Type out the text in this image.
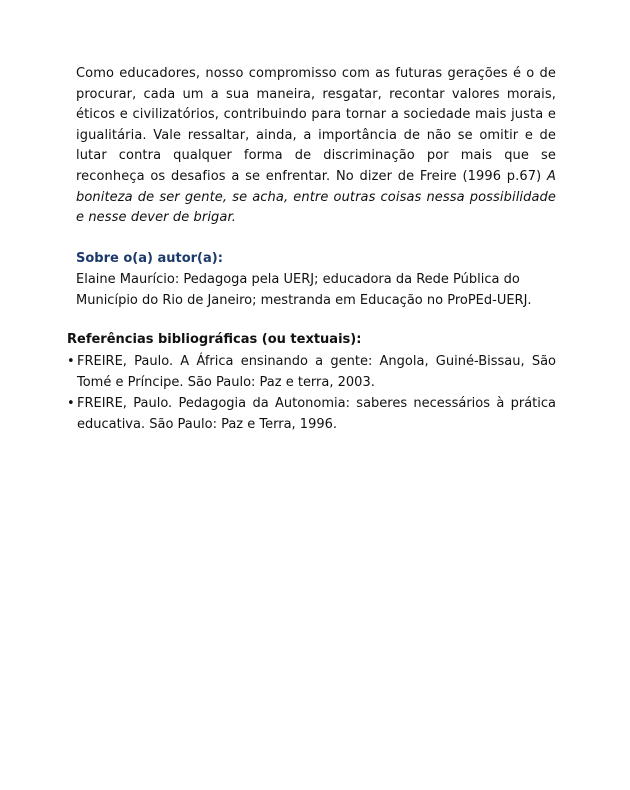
Como educadores, nosso compromisso com as futuras gerações é o de procurar, cada um a sua maneira, resgatar, recontar valores morais, éticos e civilizatórios, contribuindo para tornar a sociedade mais justa e igualitária. Vale ressaltar, ainda, a importância de não se omitir e de lutar contra qualquer forma de discriminação por mais que se reconheça os desafios a se enfrentar. No dizer de Freire (1996 p.67) A boniteza de ser gente, se acha, entre outras coisas nessa possibilidade e nesse dever de brigar.

Sobre o(a) autor(a):
Elaine Maurício: Pedagoga pela UERJ; educadora da Rede Pública do Município do Rio de Janeiro; mestranda em Educação no ProPEd-UERJ.
Referências bibliográficas (ou textuais):
• FREIRE, Paulo. A África ensinando a gente: Angola, Guiné-Bissau, São Tomé e Príncipe. São Paulo: Paz e terra, 2003.
• FREIRE, Paulo. Pedagogia da Autonomia: saberes necessários à prática educativa. São Paulo: Paz e Terra, 1996.
